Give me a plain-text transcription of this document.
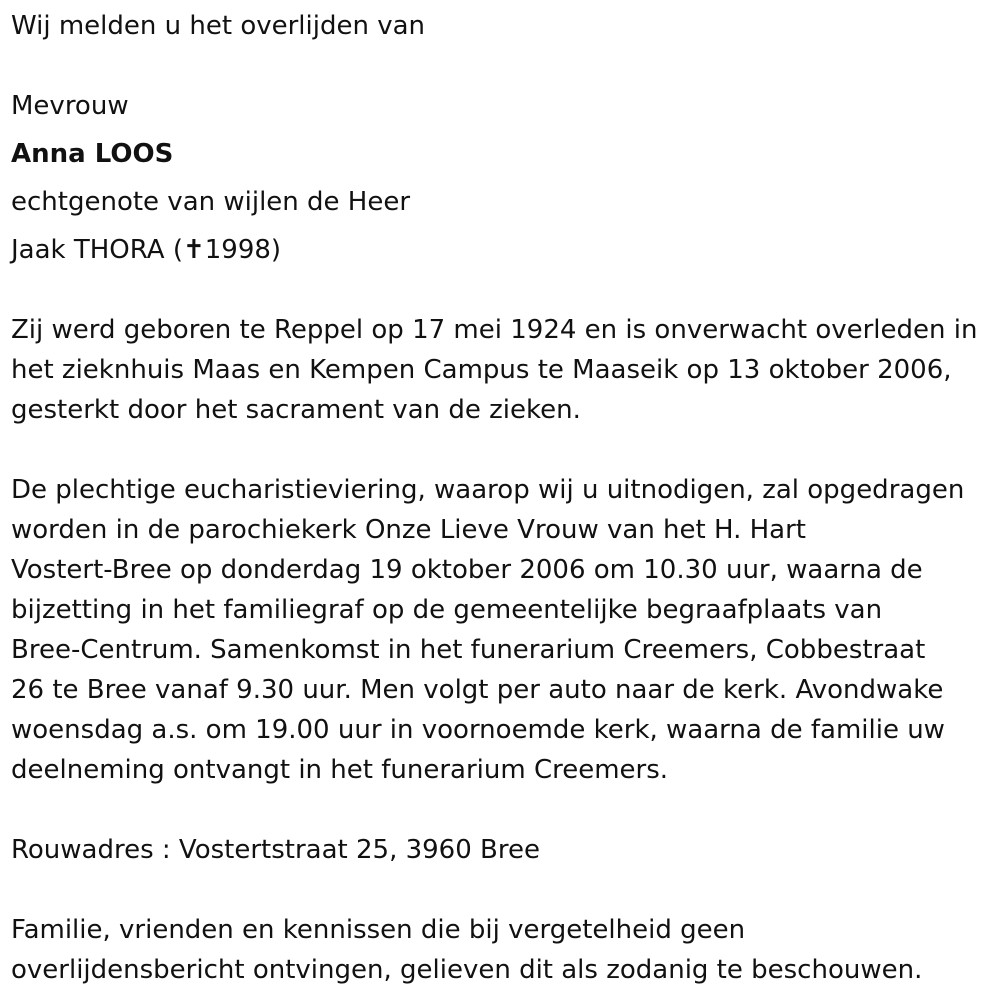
Wij melden u het overlijden van
Mevrouw
Anna LOOS
echtgenote van wijlen de Heer
Jaak THORA (✝1998)
Zij werd geboren te Reppel op 17 mei 1924 en is onverwacht overleden in
het zieknhuis Maas en Kempen Campus te Maaseik op 13 oktober 2006,
gesterkt door het sacrament van de zieken.
De plechtige eucharistieviering, waarop wij u uitnodigen, zal opgedragen
worden in de parochiekerk Onze Lieve Vrouw van het H. Hart
Vostert-Bree op donderdag 19 oktober 2006 om 10.30 uur, waarna de
bijzetting in het familiegraf op de gemeentelijke begraafplaats van
Bree-Centrum. Samenkomst in het funerarium Creemers, Cobbestraat
26 te Bree vanaf 9.30 uur. Men volgt per auto naar de kerk. Avondwake
woensdag a.s. om 19.00 uur in voornoemde kerk, waarna de familie uw
deelneming ontvangt in het funerarium Creemers.
Rouwadres : Vostertstraat 25, 3960 Bree
Familie, vrienden en kennissen die bij vergetelheid geen
overlijdensbericht ontvingen, gelieven dit als zodanig te beschouwen.
